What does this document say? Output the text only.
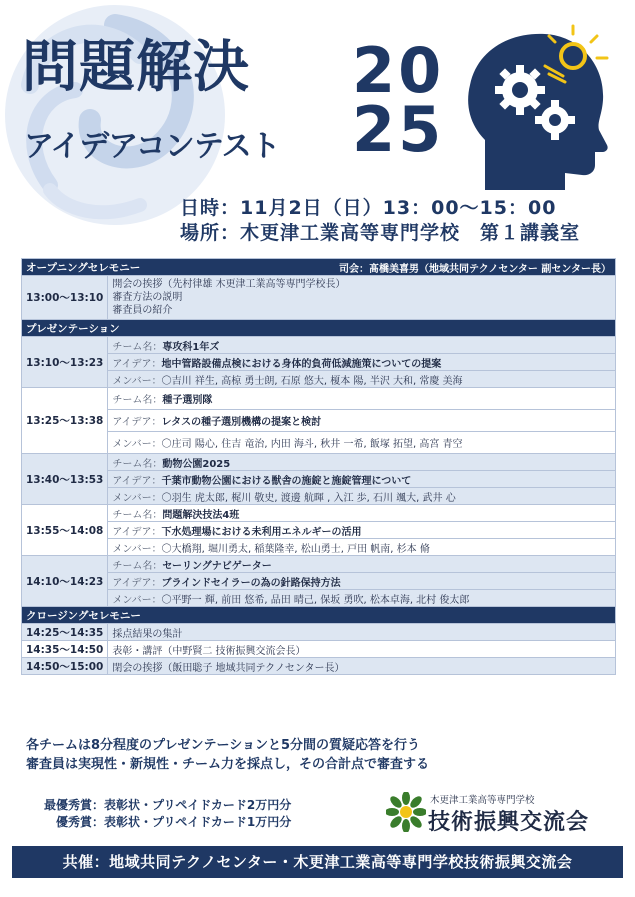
問題解決
アイデアコンテスト
20
25
日時：11月2日（日）13：00～15：00
場所：木更津工業高等専門学校　第１講義室
オープニングセレモニー 司会：髙橋美喜男（地域共同テクノセンター 副センター長）	

13:00～13:10	開会の挨拶（先村律雄 木更津工業高等専門学校長）
審査方法の説明
審査員の紹介

プレゼンテーション	
13:10～13:23	チーム名：専攻科1年ズ
	アイデア：地中管路設備点検における身体的負荷低減施策についての提案
	メンバー：〇吉川 祥生, 高椋 勇士朗, 石原 悠大, 榎本 陽, 半沢 大和, 常慶 美海
13:25～13:38	チーム名：種子選別隊
	アイデア：レタスの種子選別機構の提案と検討
	メンバー：〇庄司 陽心, 住吉 竜治, 内田 海斗, 秋井 一希, 飯塚 拓望, 高宮 青空
13:40～13:53	チーム名：動物公園2025
	アイデア：千葉市動物公園における獣舎の施錠と施錠管理について
	メンバー：〇羽生 虎太郎, 梶川 敬史, 渡邊 航暉 , 入江 歩, 石川 颯大, 武井 心
13:55～14:08	チーム名：問題解決技法4班
	アイデア：下水処理場における未利用エネルギーの活用
	メンバー：〇大橋翔, 堀川勇太, 稲葉隆幸, 松山勇士, 戸田 帆南, 杉本 脩
14:10～14:23	チーム名：セーリングナビゲーター
	アイデア：ブラインドセイラーの為の針路保持方法
	メンバー：〇平野一 輝, 前田 悠希, 品田 晴己, 保坂 勇吹, 松本卓海, 北村 俊太郎
クロージングセレモニー	
14:25～14:35	採点結果の集計
14:35～14:50	表彰・講評（中野賢二 技術振興交流会長）
14:50～15:00	閉会の挨拶（飯田聡子 地域共同テクノセンター長）
各チームは8分程度のプレゼンテーションと5分間の質疑応答を行う
審査員は実現性・新規性・チーム力を採点し，その合計点で審査する
最優秀賞：表彰状・プリペイドカード2万円分
優秀賞：表彰状・プリペイドカード1万円分
木更津工業高等専門学校
技術振興交流会
共催：地域共同テクノセンター・木更津工業高等専門学校技術振興交流会
